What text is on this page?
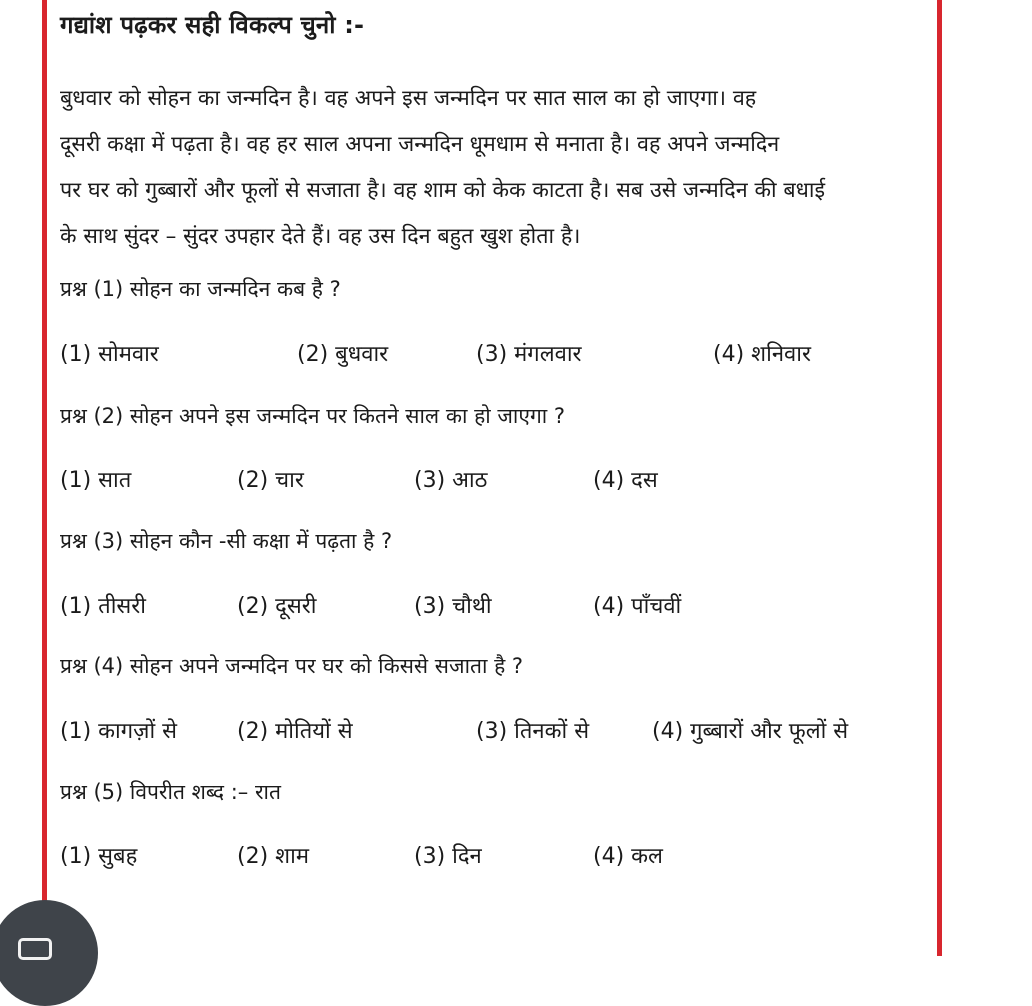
गद्यांश पढ़कर सही विकल्प चुनो :-
बुधवार को सोहन का जन्मदिन है। वह अपने इस जन्मदिन पर सात साल का हो जाएगा। वह
दूसरी कक्षा में पढ़ता है। वह हर साल अपना जन्मदिन धूमधाम से मनाता है। वह अपने जन्मदिन
पर घर को गुब्बारों और फूलों से सजाता है। वह शाम को केक काटता है। सब उसे जन्मदिन की बधाई
के साथ सुंदर – सुंदर उपहार देते हैं। वह उस दिन बहुत खुश होता है।
प्रश्न (1) सोहन का जन्मदिन कब है ?
(1) सोमवार	(2) बुधवार	(3) मंगलवार	(4) शनिवार
प्रश्न (2) सोहन अपने इस जन्मदिन पर कितने साल का हो जाएगा ?
(1) सात	(2) चार	(3) आठ	(4) दस
प्रश्न (3) सोहन कौन -सी कक्षा में पढ़ता है ?
(1) तीसरी	(2) दूसरी	(3) चौथी	(4) पाँचवीं
प्रश्न (4) सोहन अपने जन्मदिन पर घर को किससे सजाता है ?
(1) कागज़ों से	(2) मोतियों से	(3) तिनकों से	(4) गुब्बारों और फूलों से
प्रश्न (5) विपरीत शब्द :– रात
(1) सुबह	(2) शाम	(3) दिन	(4) कल
